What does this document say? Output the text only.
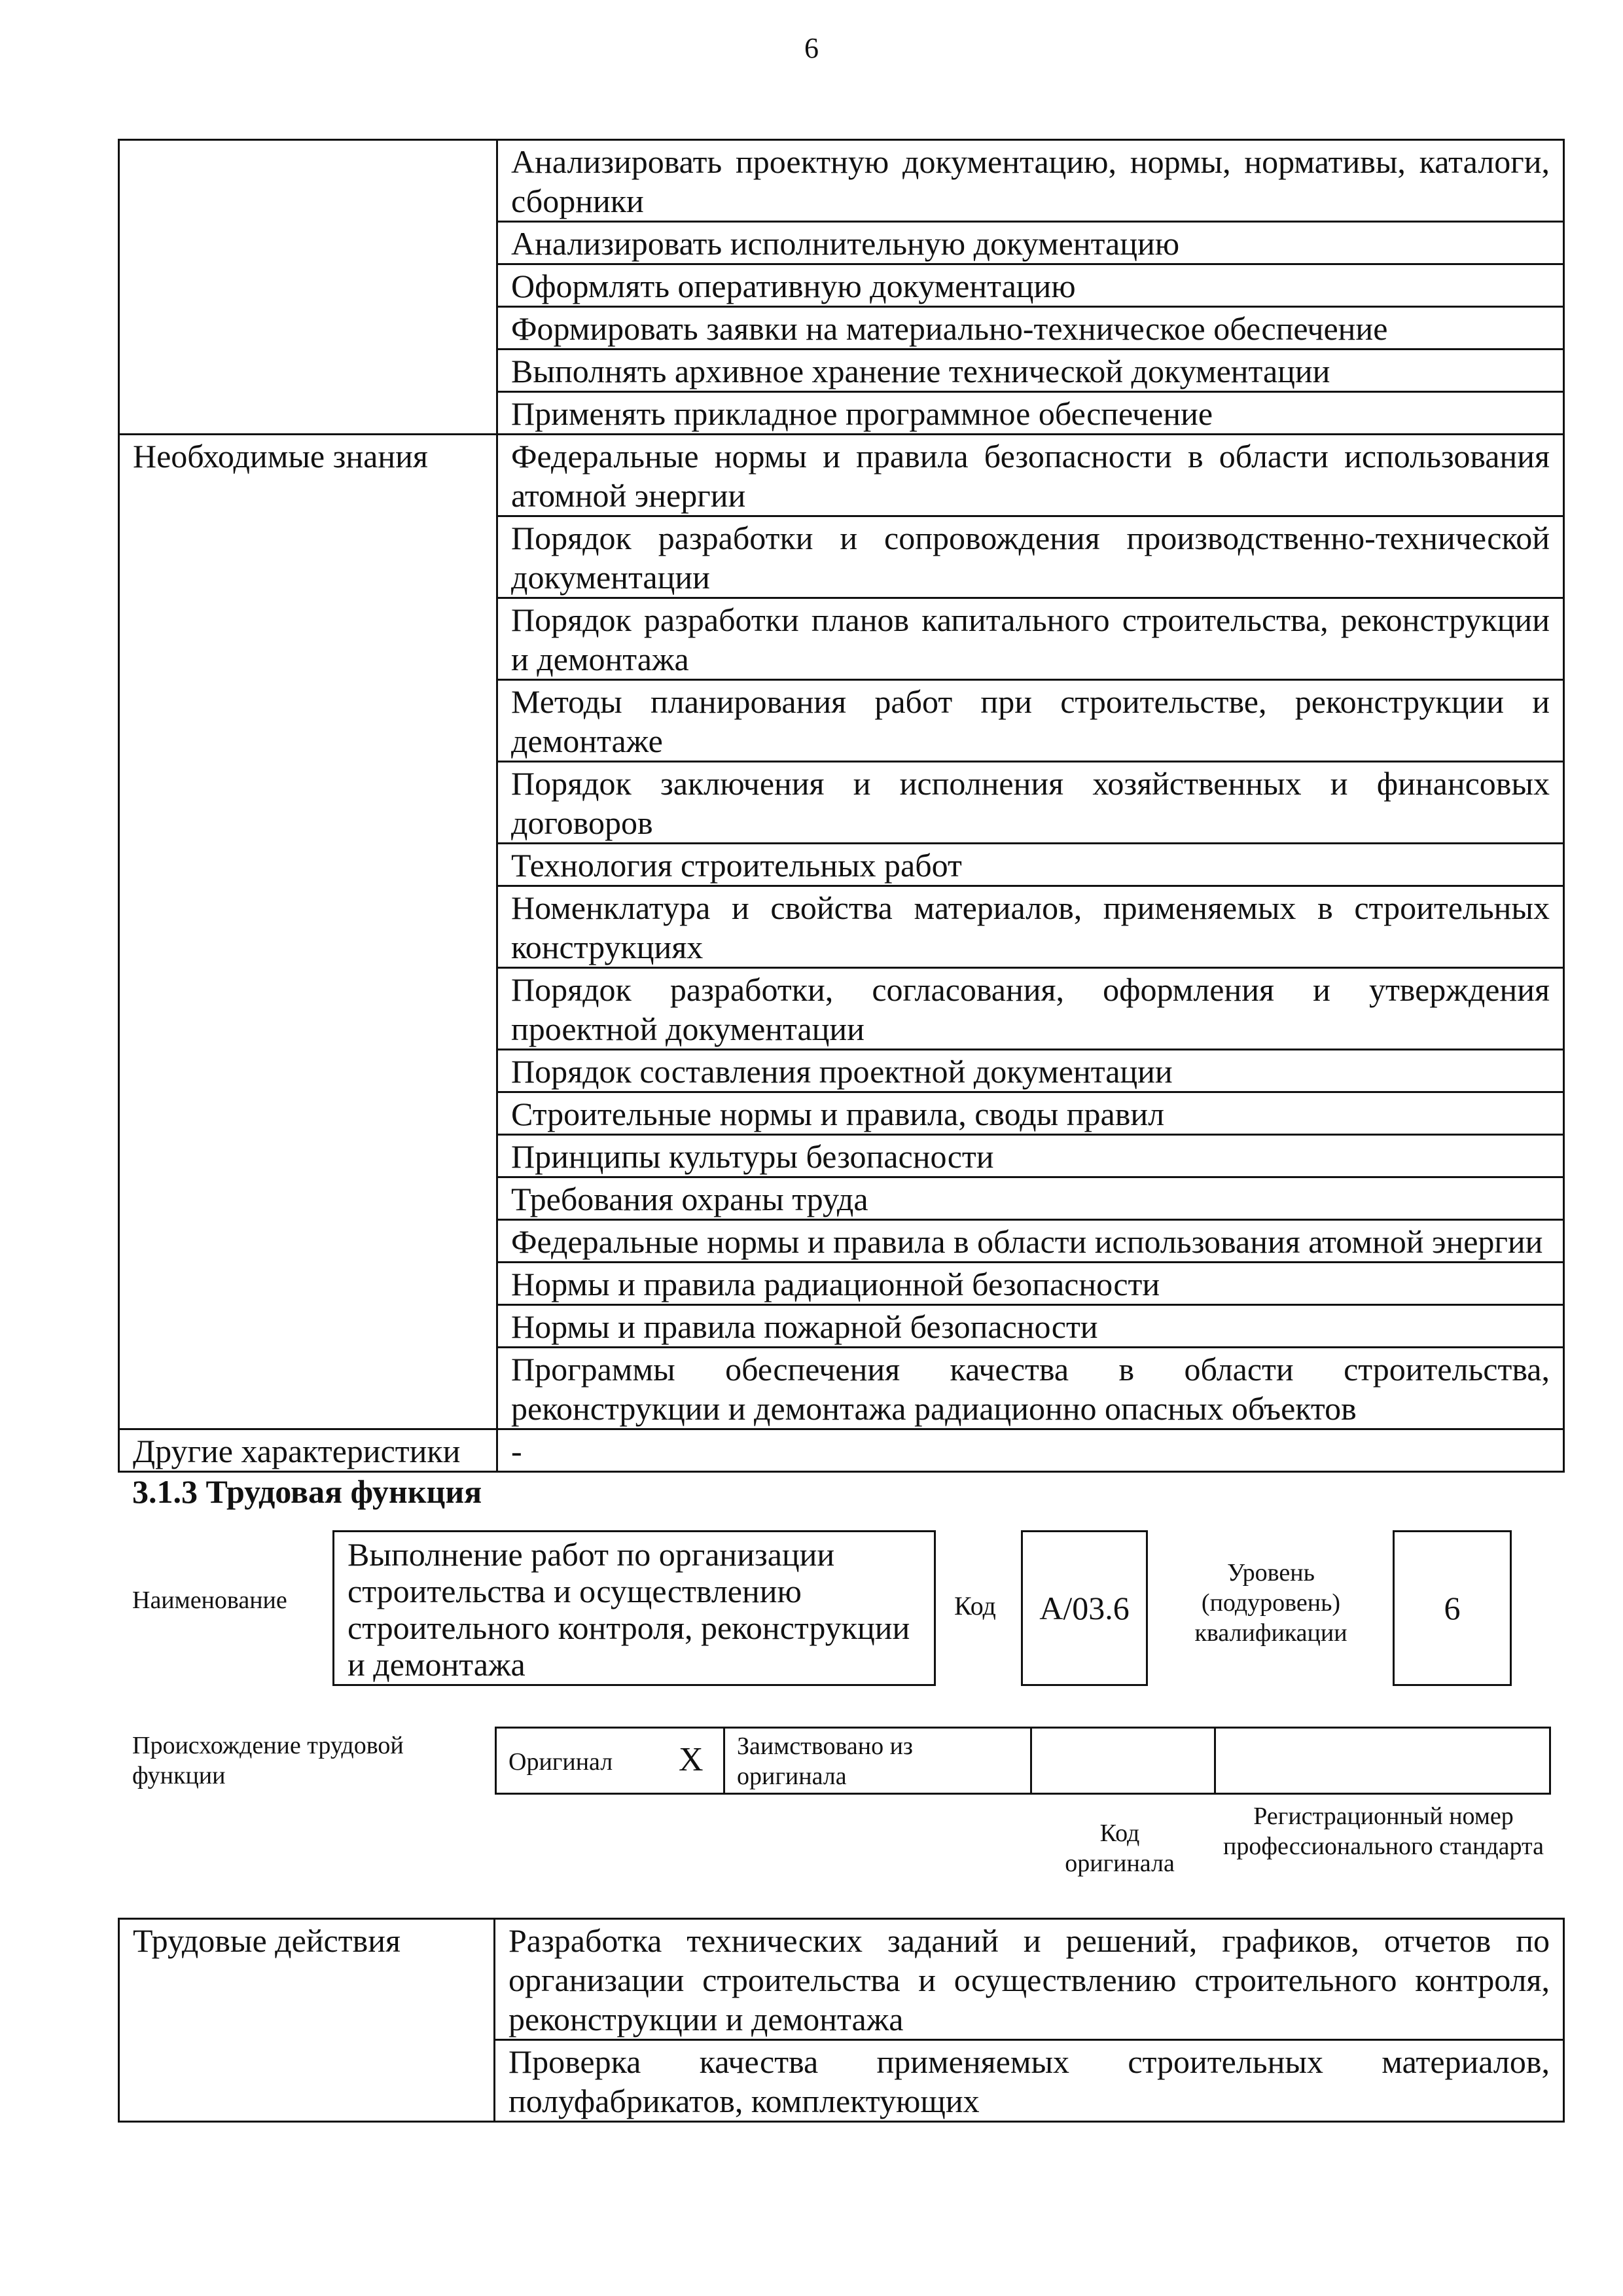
6
	Анализировать проектную документацию, нормы, нормативы, каталоги, сборники
	Анализировать исполнительную документацию
	Оформлять оперативную документацию
	Формировать заявки на материально-техническое обеспечение
	Выполнять архивное хранение технической документации
	Применять прикладное программное обеспечение
Необходимые знания	Федеральные нормы и правила безопасности в области использования атомной энергии
	Порядок разработки и сопровождения производственно-технической документации
	Порядок разработки планов капитального строительства, реконструкции и демонтажа
	Методы планирования работ при строительстве, реконструкции и демонтаже
	Порядок заключения и исполнения хозяйственных и финансовых договоров
	Технология строительных работ
	Номенклатура и свойства материалов, применяемых в строительных конструкциях
	Порядок разработки, согласования, оформления и утверждения проектной документации
	Порядок составления проектной документации
	Строительные нормы и правила, своды правил
	Принципы культуры безопасности
	Требования охраны труда
	Федеральные нормы и правила в области использования атомной энергии
	Нормы и правила радиационной безопасности
	Нормы и правила пожарной безопасности
	Программы обеспечения качества в области строительства, реконструкции и демонтажа радиационно опасных объектов
Другие характеристики	-
3.1.3 Трудовая функция
Наименование
Выполнение работ по организации строительства и осуществлению строительного контроля, реконструкции и демонтажа
Код	А/03.6
Уровень (подуровень) квалификации
6
Происхождение трудовой функции	Оригинал X Заимствовано из оригинала
Код оригинала
Регистрационный номер профессионального стандарта
Трудовые действия	Разработка технических заданий и решений, графиков, отчетов по организации строительства и осуществлению строительного контроля, реконструкции и демонтажа
Проверка качества применяемых строительных материалов, полуфабрикатов, комплектующих
